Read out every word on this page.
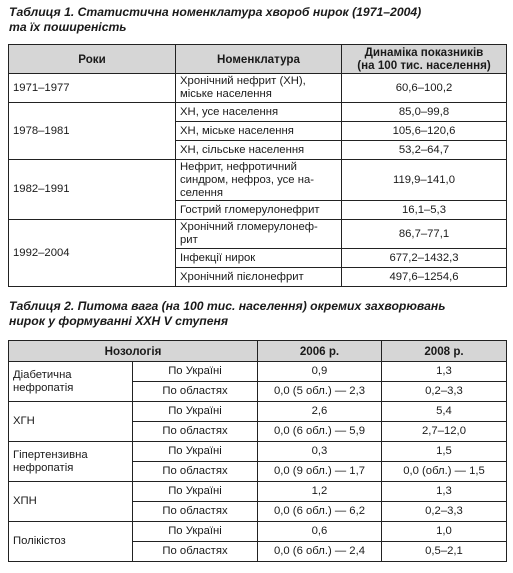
Таблиця 1. Статистична номенклатура хвороб нирок (1971–2004)
та їх поширеність

Роки	Номенклатура	Динаміка показників
(на 100 тис. населення)
1971–1977	Хронічний нефрит (ХН),
міське населення	60,6–100,2
1978–1981	ХН, усе населення	85,0–99,8
	ХН, міське населення	105,6–120,6
	ХН, сільське населення	53,2–64,7
1982–1991	Нефрит, нефротичний
синдром, нефроз, усе на-
селення	119,9–141,0
	Гострий гломерулонефрит	16,1–5,3
1992–2004	Хронічний гломерулонеф-
рит	86,7–77,1
	Інфекції нирок	677,2–1432,3
	Хронічний пієлонефрит	497,6–1254,6

Таблиця 2. Питома вага (на 100 тис. населення) окремих захворювань
нирок у формуванні ХХН V ступеня

Нозологія		2006 р.	2008 р.
Діабетична
нефропатія	По Україні	0,9	1,3
	По областях	0,0 (5 обл.) — 2,3	0,2–3,3
ХГН	По Україні	2,6	5,4
	По областях	0,0 (6 обл.) — 5,9	2,7–12,0
Гіпертензивна
нефропатія	По Україні	0,3	1,5
	По областях	0,0 (9 обл.) — 1,7	0,0 (обл.) — 1,5
ХПН	По Україні	1,2	1,3
	По областях	0,0 (6 обл.) — 6,2	0,2–3,3
Полікістоз	По Україні	0,6	1,0
	По областях	0,0 (6 обл.) — 2,4	0,5–2,1
